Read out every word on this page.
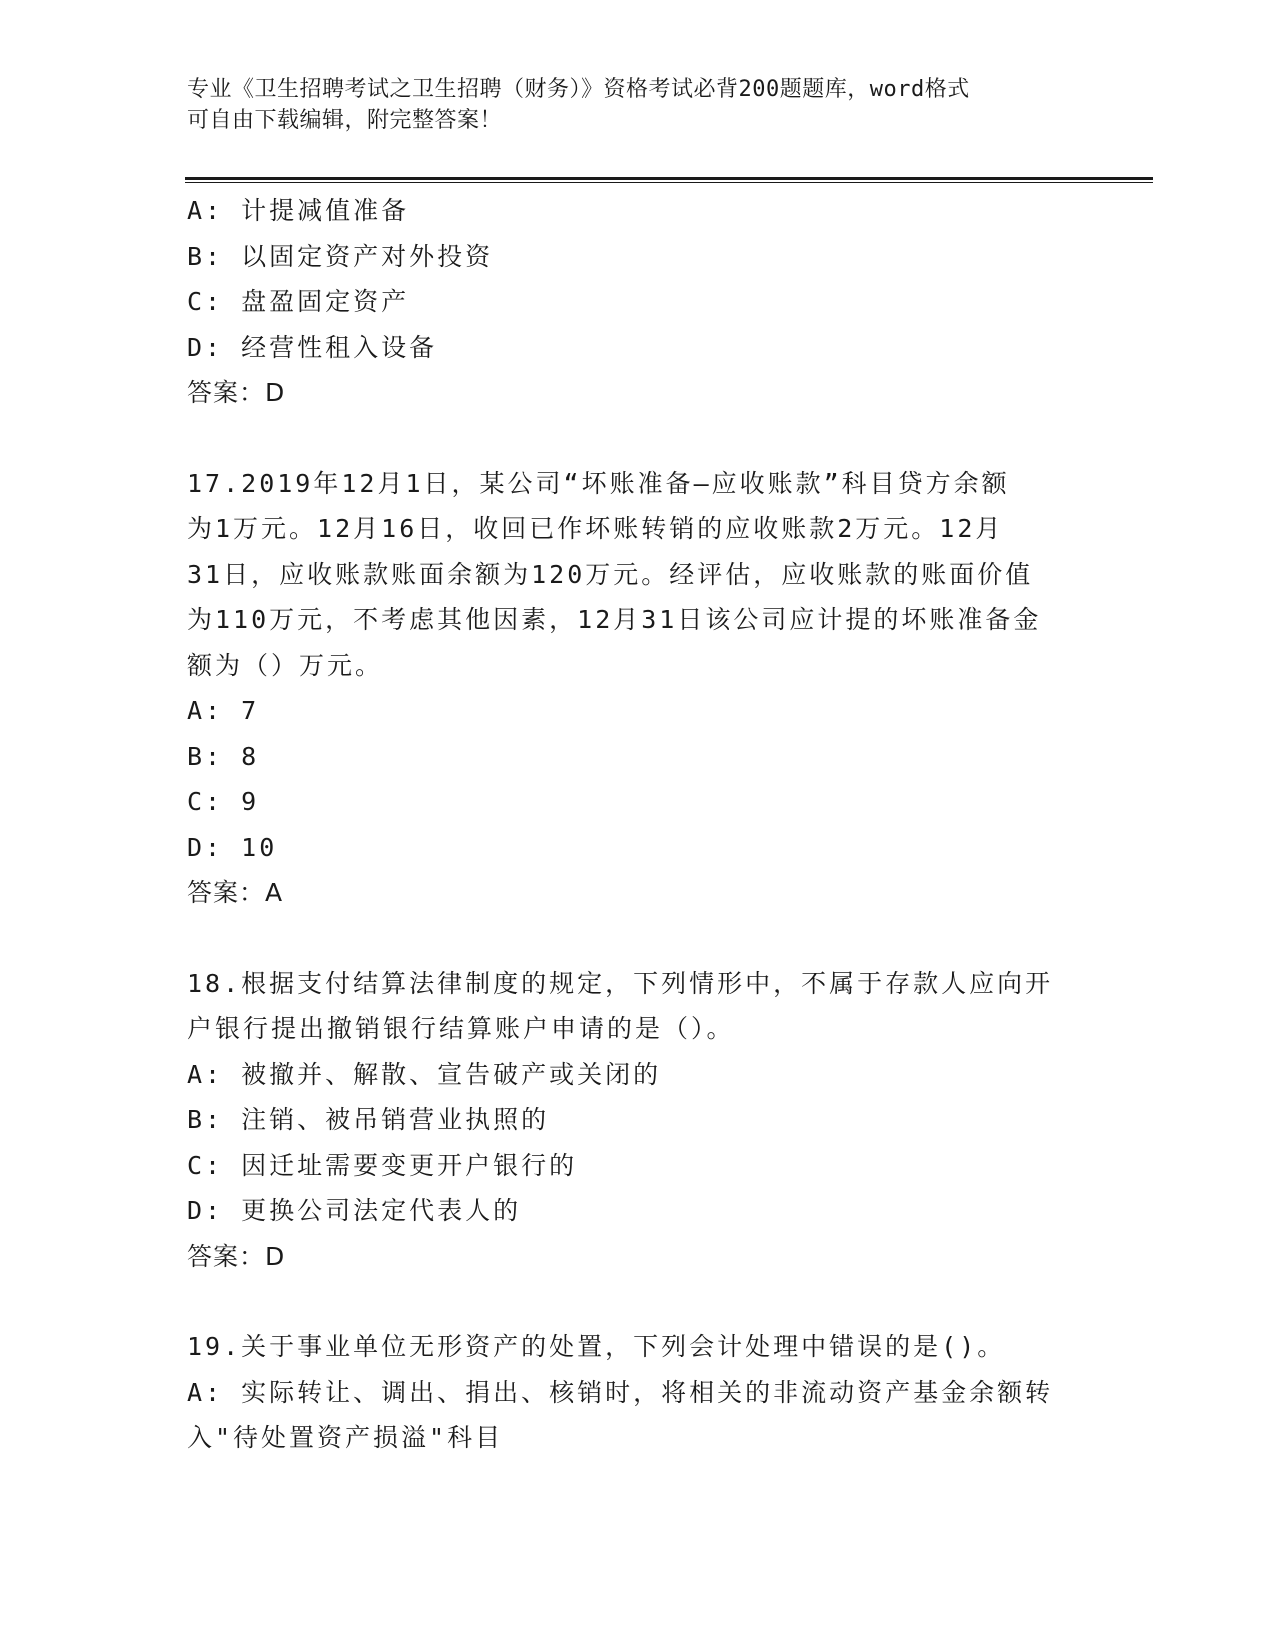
专业《卫生招聘考试之卫生招聘（财务）》资格考试必背200题题库，word格式
可自由下载编辑，附完整答案！
A: 计提减值准备
B: 以固定资产对外投资
C: 盘盈固定资产
D: 经营性租入设备
答案：D
17.2019年12月1日，某公司“坏账准备—应收账款”科目贷方余额
为1万元。12月16日，收回已作坏账转销的应收账款2万元。12月
31日，应收账款账面余额为120万元。经评估，应收账款的账面价值
为110万元，不考虑其他因素，12月31日该公司应计提的坏账准备金
额为（）万元。
A: 7
B: 8
C: 9
D: 10
答案：A
18.根据支付结算法律制度的规定，下列情形中，不属于存款人应向开
户银行提出撤销银行结算账户申请的是（）。
A: 被撤并、解散、宣告破产或关闭的
B: 注销、被吊销营业执照的
C: 因迁址需要变更开户银行的
D: 更换公司法定代表人的
答案：D
19.关于事业单位无形资产的处置，下列会计处理中错误的是()。
A: 实际转让、调出、捐出、核销时，将相关的非流动资产基金余额转
入"待处置资产损溢"科目
